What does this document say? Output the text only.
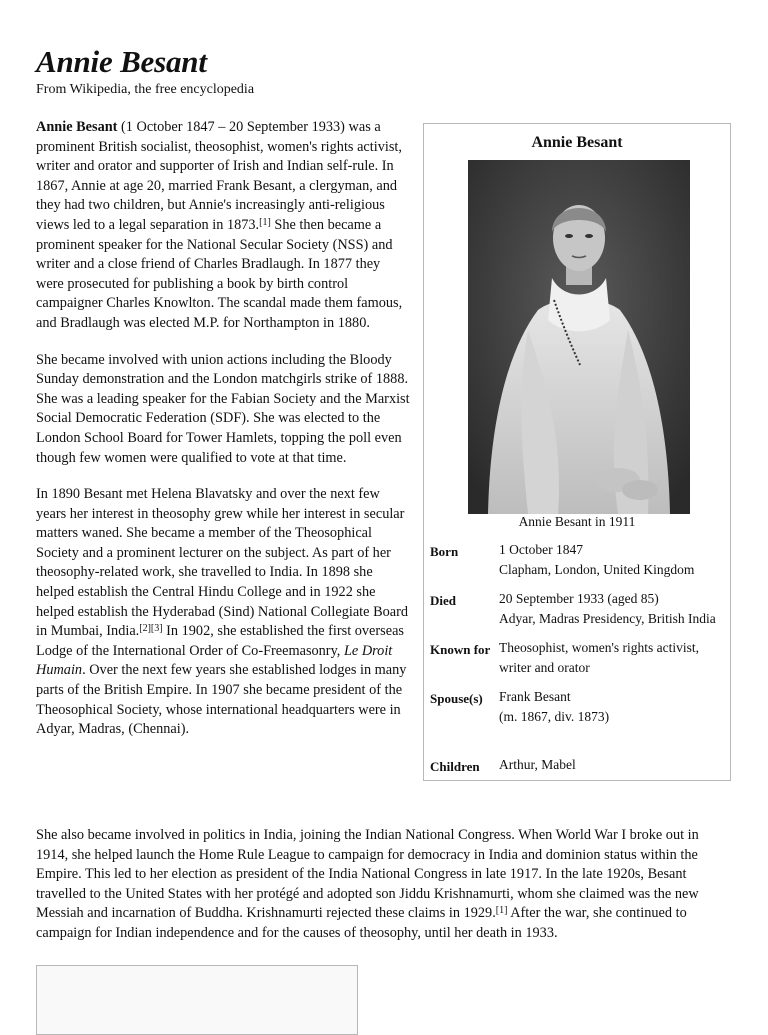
Annie Besant
From Wikipedia, the free encyclopedia

Annie Besant (1 October 1847 – 20 September 1933) was a prominent British socialist, theosophist, women's rights activist, writer and orator and supporter of Irish and Indian self-rule. In 1867, Annie at age 20, married Frank Besant, a clergyman, and they had two children, but Annie's increasingly anti-religious views led to a legal separation in 1873.[1] She then became a prominent speaker for the National Secular Society (NSS) and writer and a close friend of Charles Bradlaugh. In 1877 they were prosecuted for publishing a book by birth control campaigner Charles Knowlton. The scandal made them famous, and Bradlaugh was elected M.P. for Northampton in 1880.

She became involved with union actions including the Bloody Sunday demonstration and the London matchgirls strike of 1888. She was a leading speaker for the Fabian Society and the Marxist Social Democratic Federation (SDF). She was elected to the London School Board for Tower Hamlets, topping the poll even though few women were qualified to vote at that time.

In 1890 Besant met Helena Blavatsky and over the next few years her interest in theosophy grew while her interest in secular matters waned. She became a member of the Theosophical Society and a prominent lecturer on the subject. As part of her theosophy-related work, she travelled to India. In 1898 she helped establish the Central Hindu College and in 1922 she helped establish the Hyderabad (Sind) National Collegiate Board in Mumbai, India.[2][3] In 1902, she established the first overseas Lodge of the International Order of Co-Freemasonry, Le Droit Humain. Over the next few years she established lodges in many parts of the British Empire. In 1907 she became president of the Theosophical Society, whose international headquarters were in Adyar, Madras, (Chennai).

She also became involved in politics in India, joining the Indian National Congress. When World War I broke out in 1914, she helped launch the Home Rule League to campaign for democracy in India and dominion status within the Empire. This led to her election as president of the India National Congress in late 1917. In the late 1920s, Besant travelled to the United States with her protégé and adopted son Jiddu Krishnamurti, whom she claimed was the new Messiah and incarnation of Buddha. Krishnamurti rejected these claims in 1929.[1] After the war, she continued to campaign for Indian independence and for the causes of theosophy, until her death in 1933.

Annie Besant
Annie Besant in 1911
Born	1 October 1847
Clapham, London, United Kingdom
Died	20 September 1933 (aged 85)
Adyar, Madras Presidency, British India
Known for Theosophist, women's rights activist,
writer and orator
Spouse(s)	Frank Besant
(m. 1867, div. 1873)
Children	Arthur, Mabel
